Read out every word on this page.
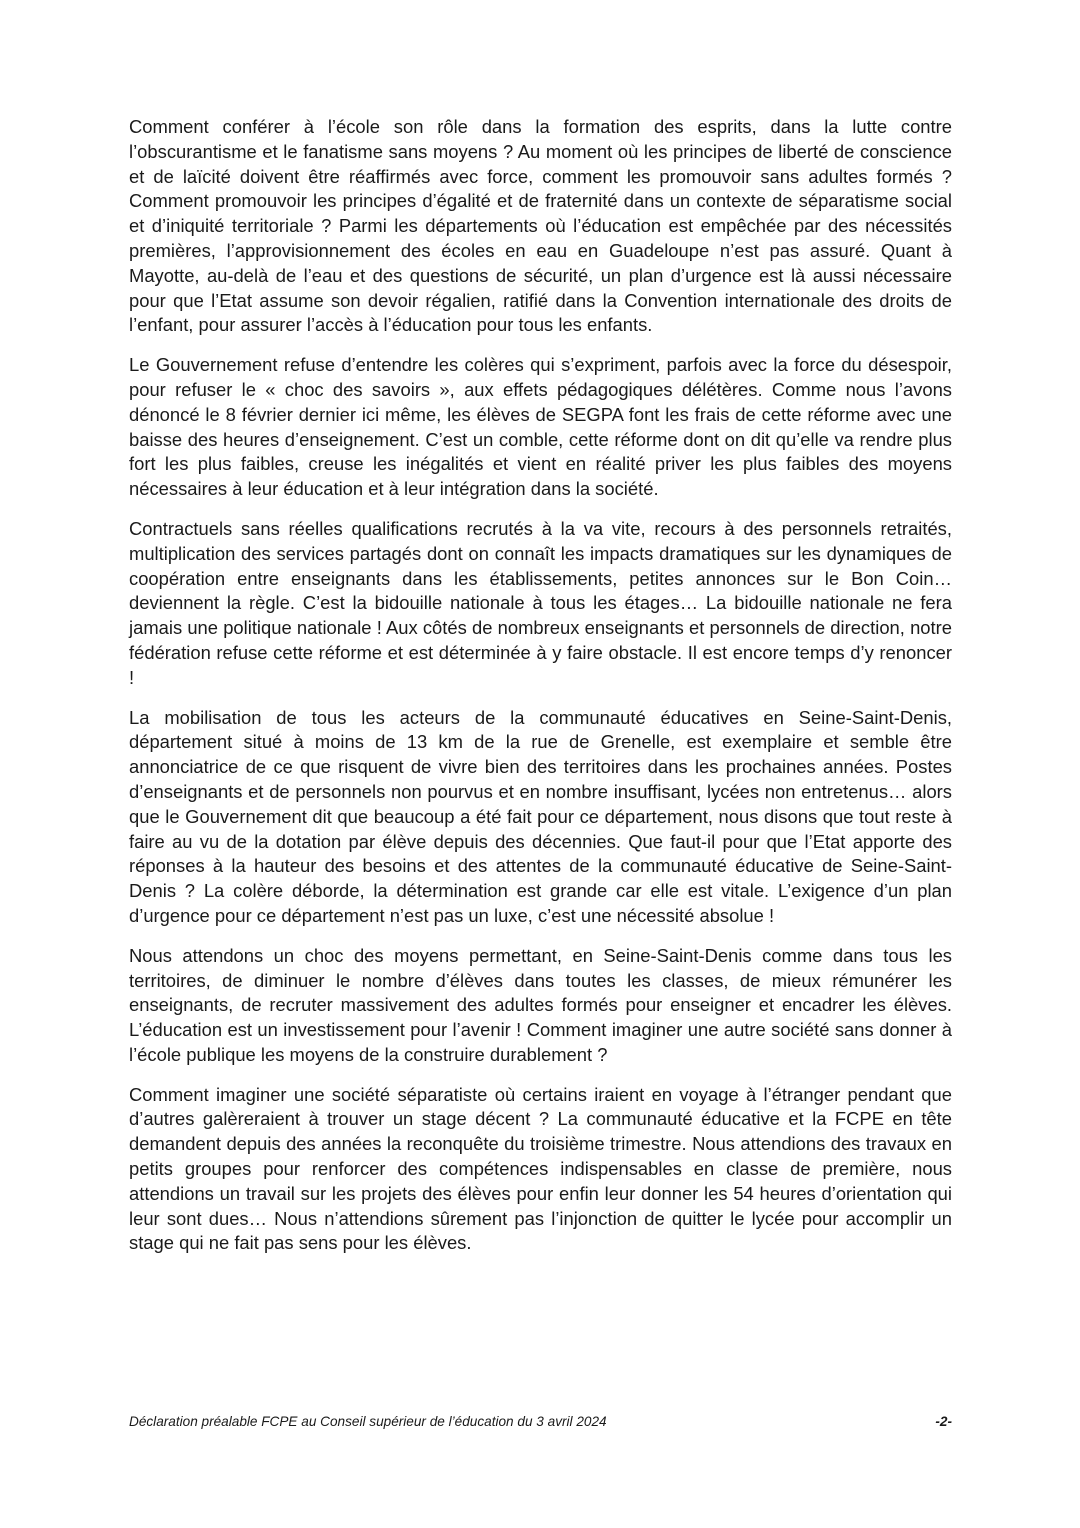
Comment conférer à l’école son rôle dans la formation des esprits, dans la lutte contre l’obscurantisme et le fanatisme sans moyens ? Au moment où les principes de liberté de conscience et de laïcité doivent être réaffirmés avec force, comment les promouvoir sans adultes formés ? Comment promouvoir les principes d’égalité et de fraternité dans un contexte de séparatisme social et d’iniquité territoriale ? Parmi les départements où l’éducation est empêchée par des nécessités premières, l’approvisionnement des écoles en eau en Guadeloupe n’est pas assuré. Quant à Mayotte, au-delà de l’eau et des questions de sécurité, un plan d’urgence est là aussi nécessaire pour que l’Etat assume son devoir régalien, ratifié dans la Convention internationale des droits de l’enfant, pour assurer l’accès à l’éducation pour tous les enfants.

Le Gouvernement refuse d’entendre les colères qui s’expriment, parfois avec la force du désespoir, pour refuser le « choc des savoirs », aux effets pédagogiques délétères. Comme nous l’avons dénoncé le 8 février dernier ici même, les élèves de SEGPA font les frais de cette réforme avec une baisse des heures d’enseignement. C’est un comble, cette réforme dont on dit qu’elle va rendre plus fort les plus faibles, creuse les inégalités et vient en réalité priver les plus faibles des moyens nécessaires à leur éducation et à leur intégration dans la société.

Contractuels sans réelles qualifications recrutés à la va vite, recours à des personnels retraités, multiplication des services partagés dont on connaît les impacts dramatiques sur les dynamiques de coopération entre enseignants dans les établissements, petites annonces sur le Bon Coin… deviennent la règle. C’est la bidouille nationale à tous les étages… La bidouille nationale ne fera jamais une politique nationale ! Aux côtés de nombreux enseignants et personnels de direction, notre fédération refuse cette réforme et est déterminée à y faire obstacle. Il est encore temps d’y renoncer !

La mobilisation de tous les acteurs de la communauté éducatives en Seine-Saint-Denis, département situé à moins de 13 km de la rue de Grenelle, est exemplaire et semble être annonciatrice de ce que risquent de vivre bien des territoires dans les prochaines années. Postes d’enseignants et de personnels non pourvus et en nombre insuffisant, lycées non entretenus… alors que le Gouvernement dit que beaucoup a été fait pour ce département, nous disons que tout reste à faire au vu de la dotation par élève depuis des décennies. Que faut-il pour que l’Etat apporte des réponses à la hauteur des besoins et des attentes de la communauté éducative de Seine-Saint-Denis ? La colère déborde, la détermination est grande car elle est vitale. L’exigence d’un plan d’urgence pour ce département n’est pas un luxe, c’est une nécessité absolue !

Nous attendons un choc des moyens permettant, en Seine-Saint-Denis comme dans tous les territoires, de diminuer le nombre d’élèves dans toutes les classes, de mieux rémunérer les enseignants, de recruter massivement des adultes formés pour enseigner et encadrer les élèves. L’éducation est un investissement pour l’avenir ! Comment imaginer une autre société sans donner à l’école publique les moyens de la construire durablement ?

Comment imaginer une société séparatiste où certains iraient en voyage à l’étranger pendant que d’autres galèreraient à trouver un stage décent ? La communauté éducative et la FCPE en tête demandent depuis des années la reconquête du troisième trimestre. Nous attendions des travaux en petits groupes pour renforcer des compétences indispensables en classe de première, nous attendions un travail sur les projets des élèves pour enfin leur donner les 54 heures d’orientation qui leur sont dues… Nous n’attendions sûrement pas l’injonction de quitter le lycée pour accomplir un stage qui ne fait pas sens pour les élèves.

Déclaration préalable FCPE au Conseil supérieur de l’éducation du 3 avril 2024	-2-
